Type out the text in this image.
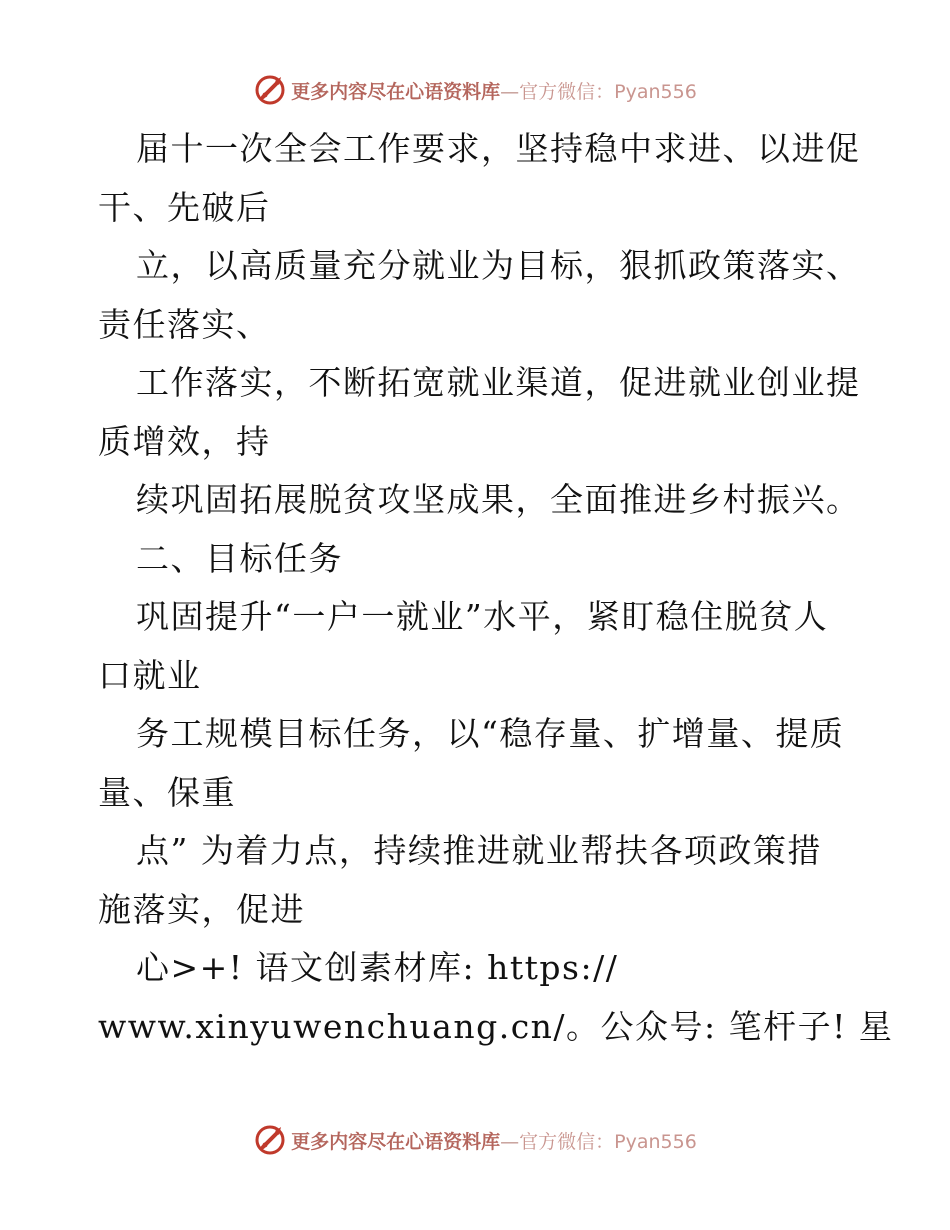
更多内容尽在心语资料库—官方微信：Pyan556
届十一次全会工作要求，坚持稳中求进、以进促
干、先破后
立，以高质量充分就业为目标，狠抓政策落实、
责任落实、
工作落实，不断拓宽就业渠道，促进就业创业提
质增效，持
续巩固拓展脱贫攻坚成果，全面推进乡村振兴。
二、目标任务
巩固提升“一户一就业”水平，紧盯稳住脱贫人
口就业
务工规模目标任务，以“稳存量、扩增量、提质
量、保重
点” 为着力点，持续推进就业帮扶各项政策措
施落实，促进
心>+! 语文创素材库: https://
www.xinyuwenchuang.cn/。公众号: 笔杆子! 星
更多内容尽在心语资料库—官方微信：Pyan556
